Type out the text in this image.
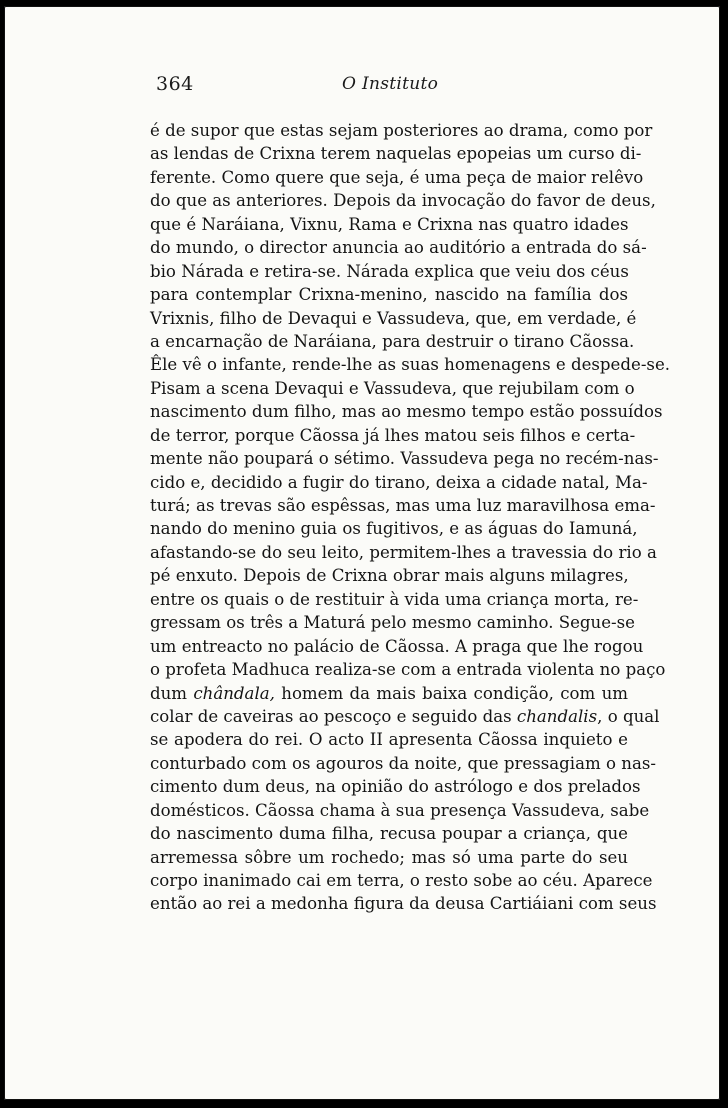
364	O Instituto
é de supor que estas sejam posteriores ao drama, como por
as lendas de Crixna terem naquelas epopeias um curso di-
ferente. Como quere que seja, é uma peça de maior relêvo
do que as anteriores. Depois da invocação do favor de deus,
que é Naráiana, Vixnu, Rama e Crixna nas quatro idades
do mundo, o director anuncia ao auditório a entrada do sá-
bio Nárada e retira-se. Nárada explica que veiu dos céus
para contemplar Crixna-menino, nascido na família dos
Vrixnis, filho de Devaqui e Vassudeva, que, em verdade, é
a encarnação de Naráiana, para destruir o tirano Cãossa.
Êle vê o infante, rende-lhe as suas homenagens e despede-se.
Pisam a scena Devaqui e Vassudeva, que rejubilam com o
nascimento dum filho, mas ao mesmo tempo estão possuídos
de terror, porque Cãossa já lhes matou seis filhos e certa-
mente não poupará o sétimo. Vassudeva pega no recém-nas-
cido e, decidido a fugir do tirano, deixa a cidade natal, Ma-
turá; as trevas são espêssas, mas uma luz maravilhosa ema-
nando do menino guia os fugitivos, e as águas do Iamuná,
afastando-se do seu leito, permitem-lhes a travessia do rio a
pé enxuto. Depois de Crixna obrar mais alguns milagres,
entre os quais o de restituir à vida uma criança morta, re-
gressam os três a Maturá pelo mesmo caminho. Segue-se
um entreacto no palácio de Cãossa. A praga que lhe rogou
o profeta Madhuca realiza-se com a entrada violenta no paço
dum chândala, homem da mais baixa condição, com um
colar de caveiras ao pescoço e seguido das chandalis, o qual
se apodera do rei. O acto II apresenta Cãossa inquieto e
conturbado com os agouros da noite, que pressagiam o nas-
cimento dum deus, na opinião do astrólogo e dos prelados
domésticos. Cãossa chama à sua presença Vassudeva, sabe
do nascimento duma filha, recusa poupar a criança, que
arremessa sôbre um rochedo; mas só uma parte do seu
corpo inanimado cai em terra, o resto sobe ao céu. Aparece
então ao rei a medonha figura da deusa Cartiáiani com seus
